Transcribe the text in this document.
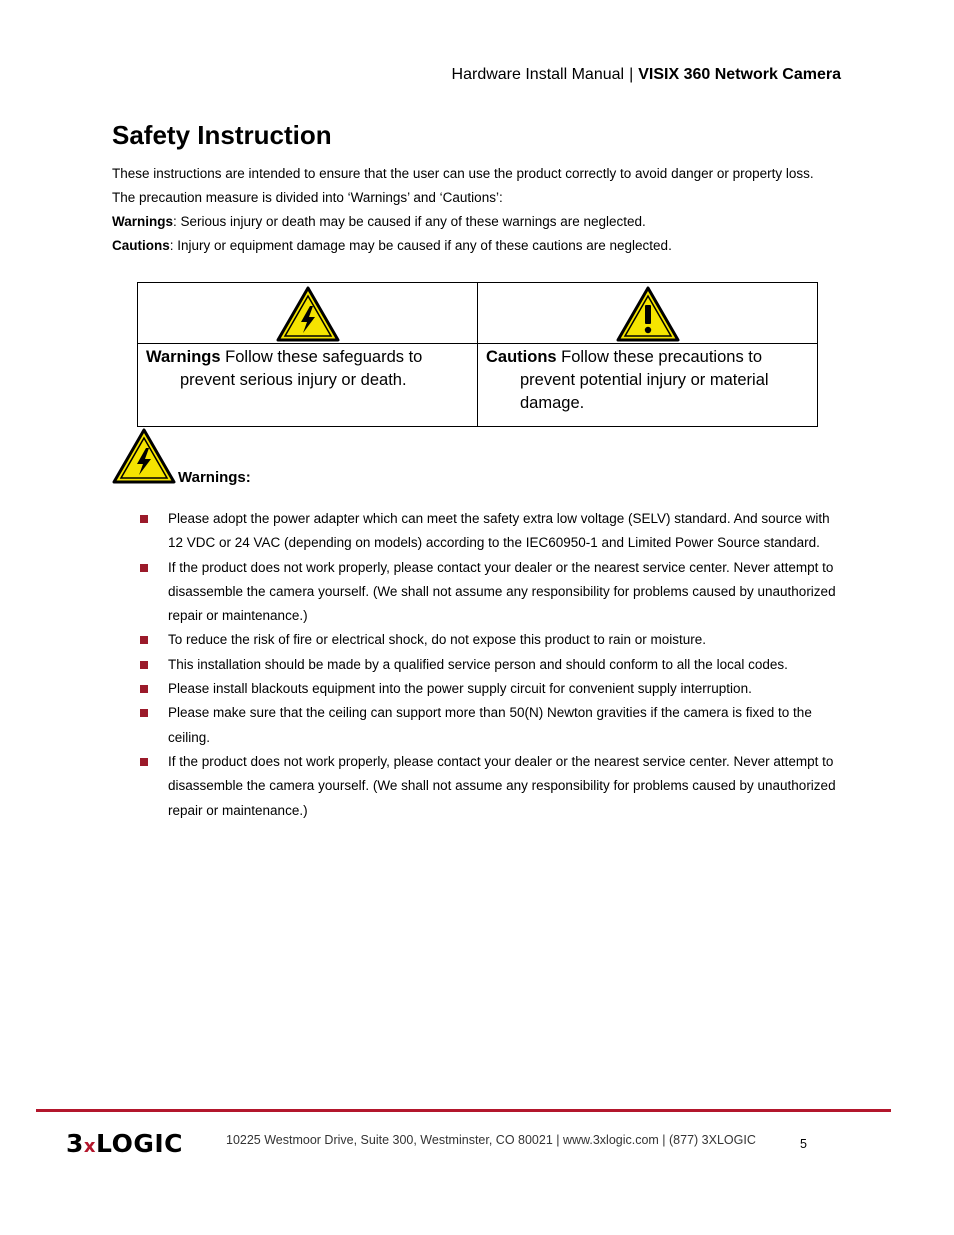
Hardware Install Manual | VISIX 360 Network Camera
Safety Instruction

These instructions are intended to ensure that the user can use the product correctly to avoid danger or property loss.

The precaution measure is divided into ‘Warnings’ and ‘Cautions’:

Warnings: Serious injury or death may be caused if any of these warnings are neglected.

Cautions: Injury or equipment damage may be caused if any of these cautions are neglected.

Warnings Follow these safeguards to prevent serious injury or death.	Cautions Follow these precautions to prevent potential injury or material damage.
Warnings:
Please adopt the power adapter which can meet the safety extra low voltage (SELV) standard. And source with 12 VDC or 24 VAC (depending on models) according to the IEC60950-1 and Limited Power Source standard.
If the product does not work properly, please contact your dealer or the nearest service center. Never attempt to disassemble the camera yourself. (We shall not assume any responsibility for problems caused by unauthorized repair or maintenance.)
To reduce the risk of fire or electrical shock, do not expose this product to rain or moisture.
This installation should be made by a qualified service person and should conform to all the local codes.
Please install blackouts equipment into the power supply circuit for convenient supply interruption.
Please make sure that the ceiling can support more than 50(N) Newton gravities if the camera is fixed to the ceiling.
If the product does not work properly, please contact your dealer or the nearest service center. Never attempt to disassemble the camera yourself. (We shall not assume any responsibility for problems caused by unauthorized repair or maintenance.)
3xLOGIC	10225 Westmoor Drive, Suite 300, Westminster, CO 80021 | www.3xlogic.com | (877) 3XLOGIC	5
